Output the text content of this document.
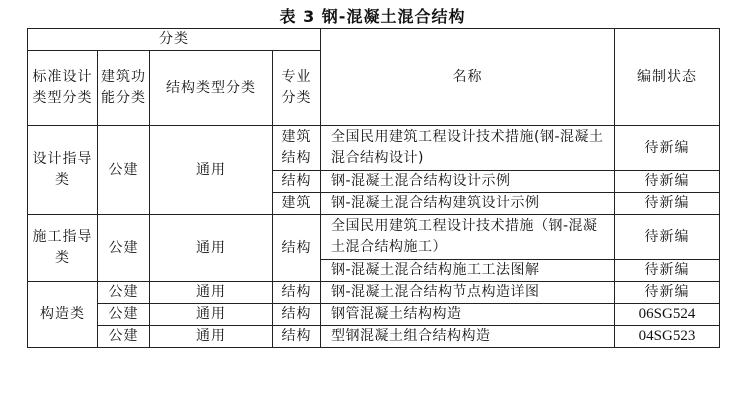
表 3 钢-混凝土混合结构
分类				名称	编制状态
标准设计类型分类	建筑功能分类	结构类型分类	专业分类		
设计指导类	公建	通用	建筑结构	全国民用建筑工程设计技术措施(钢-混凝土混合结构设计)	待新编
			结构	钢-混凝土混合结构设计示例	待新编
			建筑	钢-混凝土混合结构建筑设计示例	待新编
施工指导类	公建	通用	结构	全国民用建筑工程设计技术措施（钢-混凝土混合结构施工）	待新编
				钢-混凝土混合结构施工工法图解	待新编
构造类	公建	通用	结构	钢-混凝土混合结构节点构造详图	待新编
	公建	通用	结构	钢管混凝土结构构造	06SG524
	公建	通用	结构	型钢混凝土组合结构构造	04SG523
